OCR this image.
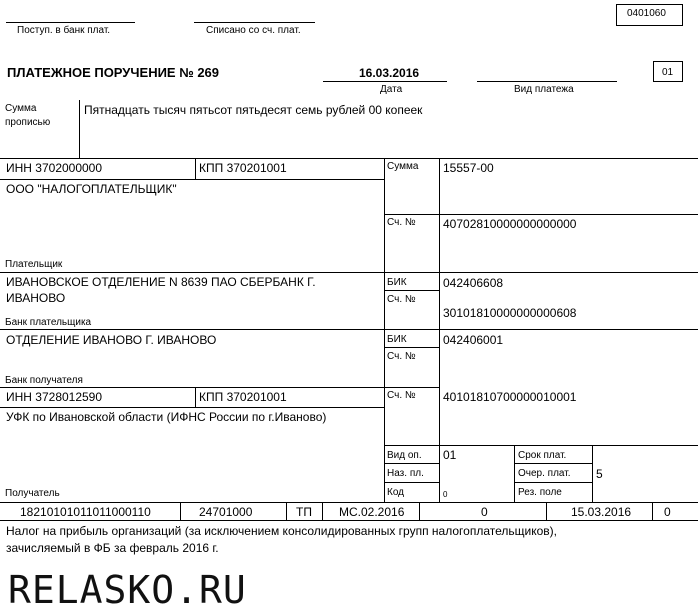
0401060
Поступ. в банк плат.	Списано со сч. плат.
ПЛАТЕЖНОЕ ПОРУЧЕНИЕ № 269	16.03.2016
Дата	Вид платежа
01
Сумма
прописью
Пятнадцать тысяч пятьсот пятьдесят семь рублей 00 копеек
ИНН 3702000000	КПП 370201001
ООО "НАЛОГОПЛАТЕЛЬЩИК"
Плательщик
Сумма 15557-00
Сч. № 40702810000000000000
ИВАНОВСКОЕ ОТДЕЛЕНИЕ N 8639 ПАО СБЕРБАНК Г.
ИВАНОВО
Банк плательщика
БИК	042406608
Сч. №
30101810000000000608
ОТДЕЛЕНИЕ ИВАНОВО Г. ИВАНОВО
Банк получателя
БИК	042406001
Сч. №
ИНН 3728012590	КПП 370201001
УФК по Ивановской области (ИФНС России по г.Иваново)
Получатель
Сч. № 40101810700000010001
Вид оп. 01
Наз. пл.
Код	0
Срок плат.
Очер. плат. 5
Рез. поле
18210101011011000110	24701000	ТП МС.02.2016	0	15.03.2016	0
Налог на прибыль организаций (за исключением консолидированных групп налогоплательщиков),
зачисляемый в ФБ за февраль 2016 г.
RELASKO.RU
